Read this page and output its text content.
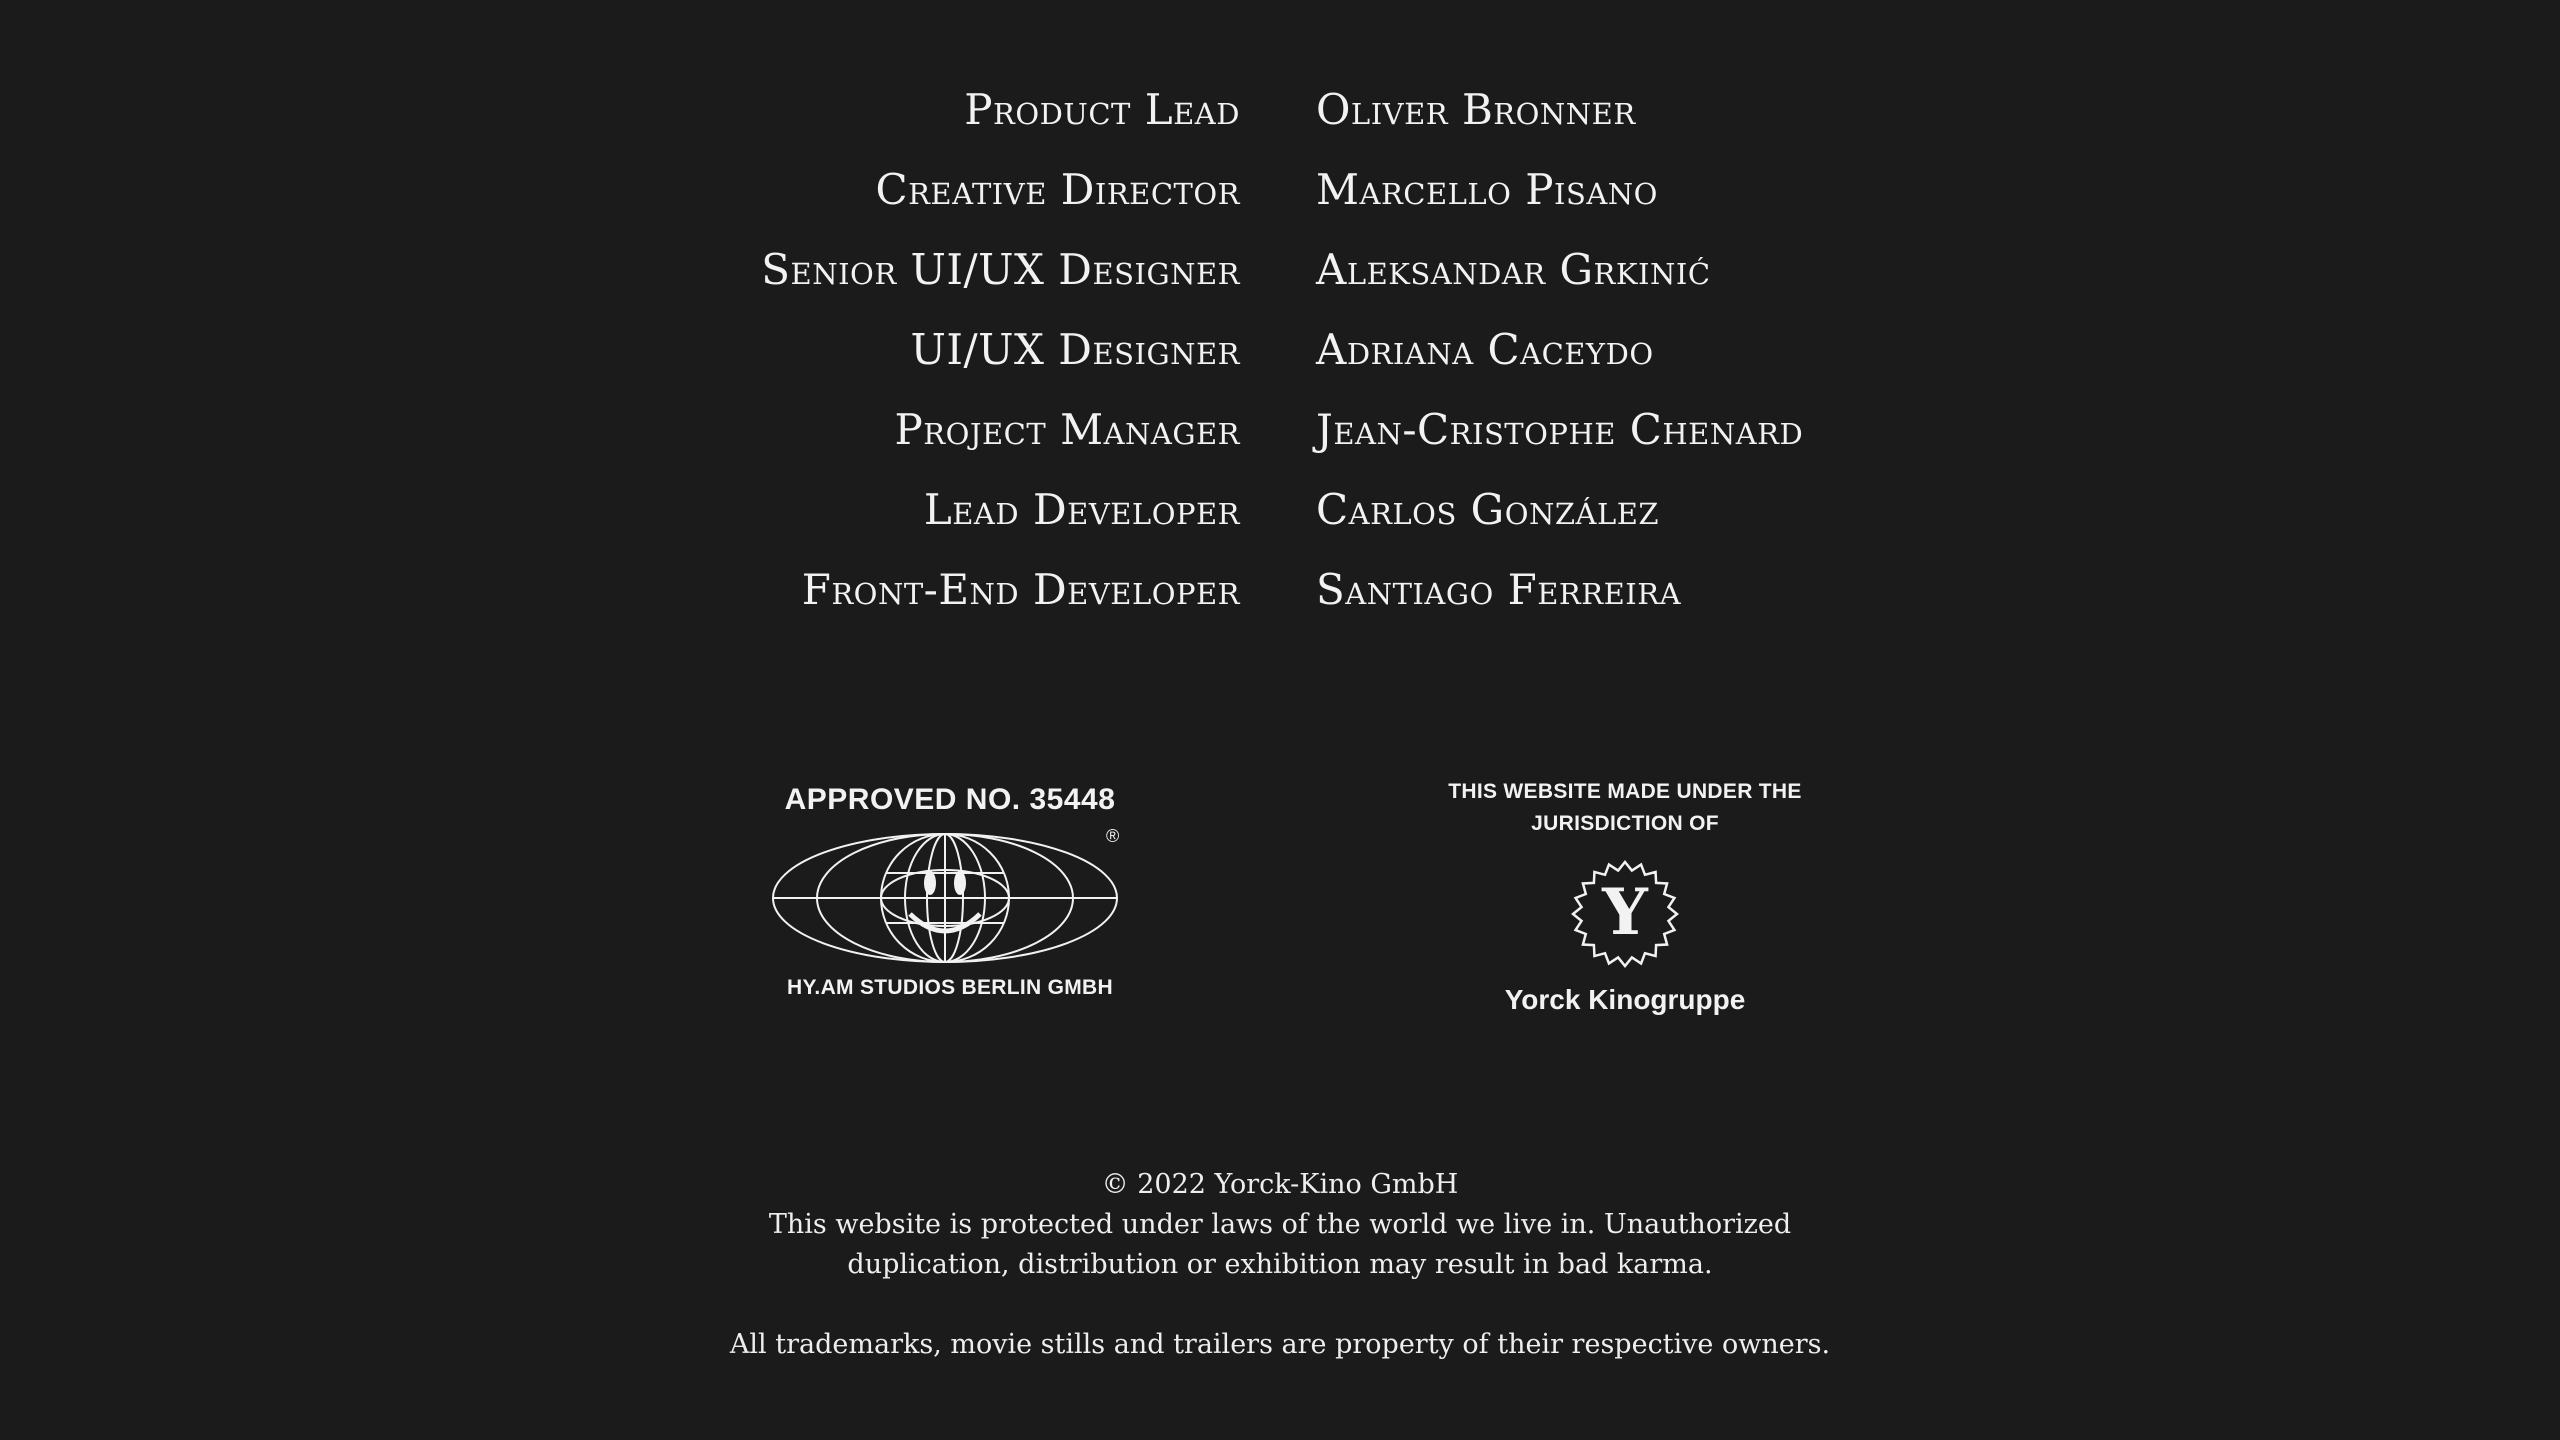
Product Lead Oliver Bronner
Creative Director Marcello Pisano
Senior UI/UX Designer Aleksandar Grkinić
UI/UX Designer Adriana Caceydo
Project Manager Jean-Cristophe Chenard
Lead Developer Carlos González
Front-End Developer Santiago Ferreira
APPROVED NO. 35448
®
HY.AM STUDIOS BERLIN GMBH
THIS WEBSITE MADE UNDER THE JURISDICTION OF
Y
Yorck Kinogruppe

© 2022 Yorck-Kino GmbH

This website is protected under laws of the world we live in. Unauthorized duplication, distribution or exhibition may result in bad karma.

All trademarks, movie stills and trailers are property of their respective owners.
